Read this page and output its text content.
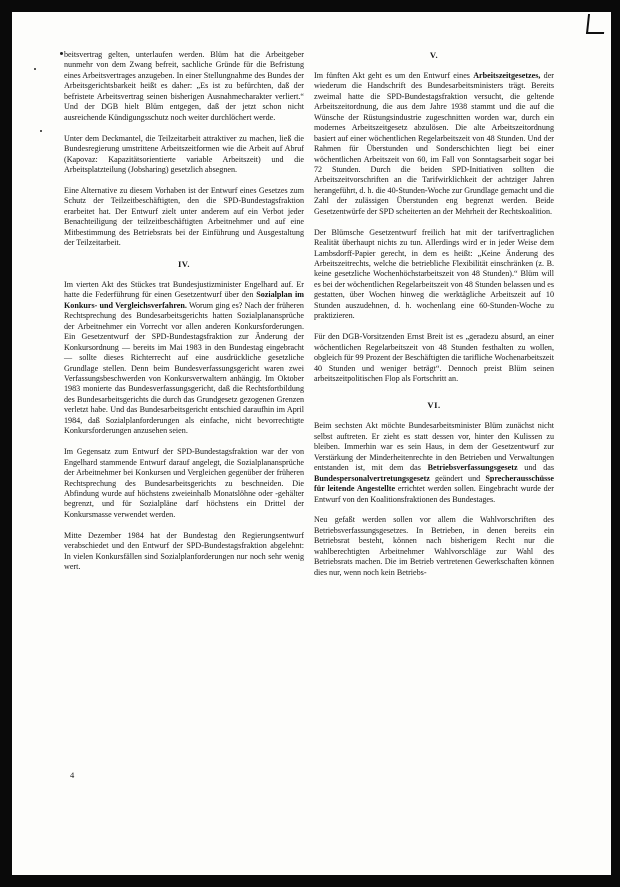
beitsvertrag gelten, unterlaufen werden. Blüm hat die Arbeitgeber nunmehr von dem Zwang befreit, sachliche Gründe für die Befristung eines Arbeitsvertrages anzugeben. In einer Stellungnahme des Bundes der Arbeitsgerichtsbarkeit heißt es daher: „Es ist zu befürchten, daß der befristete Arbeitsvertrag seinen bisherigen Ausnahmecharakter verliert.“ Und der DGB hielt Blüm entgegen, daß der jetzt schon nicht ausreichende Kündigungsschutz noch weiter durchlöchert werde.

Unter dem Deckmantel, die Teilzeitarbeit attraktiver zu machen, ließ die Bundesregierung umstrittene Arbeitszeitformen wie die Arbeit auf Abruf (Kapovaz: Kapazitätsorientierte variable Arbeitszeit) und die Arbeitsplatzteilung (Jobsharing) gesetzlich absegnen.

Eine Alternative zu diesem Vorhaben ist der Entwurf eines Gesetzes zum Schutz der Teilzeitbeschäftigten, den die SPD-Bundestagsfraktion erarbeitet hat. Der Entwurf zielt unter anderem auf ein Verbot jeder Benachteiligung der teilzeitbeschäftigten Arbeitnehmer und auf eine Mitbestimmung des Betriebsrats bei der Einführung und Ausgestaltung der Teilzeitarbeit.

IV.

Im vierten Akt des Stückes trat Bundesjustizminister Engelhard auf. Er hatte die Federführung für einen Gesetzentwurf über den Sozialplan im Konkurs- und Vergleichsverfahren. Worum ging es? Nach der früheren Rechtsprechung des Bundesarbeitsgerichts hatten Sozialplanansprüche der Arbeitnehmer ein Vorrecht vor allen anderen Konkursforderungen. Ein Gesetzentwurf der SPD-Bundestagsfraktion zur Änderung der Konkursordnung — bereits im Mai 1983 in den Bundestag eingebracht — sollte dieses Richterrecht auf eine ausdrückliche gesetzliche Grundlage stellen. Denn beim Bundesverfassungsgericht waren zwei Verfassungsbeschwerden von Konkursverwaltern anhängig. Im Oktober 1983 monierte das Bundesverfassungsgericht, daß die Rechtsfortbildung des Bundesarbeitsgerichts die durch das Grundgesetz gezogenen Grenzen verletzt habe. Und das Bundesarbeitsgericht entschied daraufhin im April 1984, daß Sozialplanforderungen als einfache, nicht bevorrechtigte Konkursforderungen anzusehen seien.

Im Gegensatz zum Entwurf der SPD-Bundestagsfraktion war der von Engelhard stammende Entwurf darauf angelegt, die Sozialplanansprüche der Arbeitnehmer bei Konkursen und Vergleichen gegenüber der früheren Rechtsprechung des Bundesarbeitsgerichts zu beschneiden. Die Abfindung wurde auf höchstens zweieinhalb Monatslöhne oder -gehälter begrenzt, und für Sozialpläne darf höchstens ein Drittel der Konkursmasse verwendet werden.

Mitte Dezember 1984 hat der Bundestag den Regierungsentwurf verabschiedet und den Entwurf der SPD-Bundestagsfraktion abgelehnt: In vielen Konkursfällen sind Sozialplanforderungen nur noch sehr wenig wert.

V.

Im fünften Akt geht es um den Entwurf eines Arbeitszeitgesetzes, der wiederum die Handschrift des Bundesarbeitsministers trägt. Bereits zweimal hatte die SPD-Bundestagsfraktion versucht, die geltende Arbeitszeitordnung, die aus dem Jahre 1938 stammt und die auf die Wünsche der Rüstungsindustrie zugeschnitten worden war, durch ein modernes Arbeitszeitgesetz abzulösen. Die alte Arbeitszeitordnung basiert auf einer wöchentlichen Regelarbeitszeit von 48 Stunden. Und der Rahmen für Überstunden und Sonderschichten liegt bei einer wöchentlichen Arbeitszeit von 60, im Fall von Sonntagsarbeit sogar bei 72 Stunden. Durch die beiden SPD-Initiativen sollten die Arbeitszeitvorschriften an die Tarifwirklichkeit der achtziger Jahren herangeführt, d. h. die 40-Stunden-Woche zur Grundlage gemacht und die Zahl der zulässigen Überstunden eng begrenzt werden. Beide Gesetzentwürfe der SPD scheiterten an der Mehrheit der Rechtskoalition.

Der Blümsche Gesetzentwurf freilich hat mit der tarifvertraglichen Realität überhaupt nichts zu tun. Allerdings wird er in jeder Weise dem Lambsdorff-Papier gerecht, in dem es heißt: „Keine Änderung des Arbeitszeitrechts, welche die betriebliche Flexibilität einschränken (z. B. keine gesetzliche Wochenhöchstarbeitszeit von 48 Stunden).“ Blüm will es bei der wöchentlichen Regelarbeitszeit von 48 Stunden belassen und es gestatten, über Wochen hinweg die werktägliche Arbeitszeit auf 10 Stunden auszudehnen, d. h. wochenlang eine 60-Stunden-Woche zu praktizieren.

Für den DGB-Vorsitzenden Ernst Breit ist es „geradezu absurd, an einer wöchentlichen Regelarbeitszeit von 48 Stunden festhalten zu wollen, obgleich für 99 Prozent der Beschäftigten die tarifliche Wochenarbeitszeit 40 Stunden und weniger beträgt“. Dennoch preist Blüm seinen arbeitszeitpolitischen Flop als Fortschritt an.

VI.

Beim sechsten Akt möchte Bundesarbeitsminister Blüm zunächst nicht selbst auftreten. Er zieht es statt dessen vor, hinter den Kulissen zu bleiben. Immerhin war es sein Haus, in dem der Gesetzentwurf zur Verstärkung der Minderheitenrechte in den Betrieben und Verwaltungen entstanden ist, mit dem das Betriebsverfassungsgesetz und das Bundespersonalvertretungsgesetz geändert und Sprecherausschüsse für leitende Angestellte errichtet werden sollen. Eingebracht wurde der Entwurf von den Koalitionsfraktionen des Bundestages.

Neu gefaßt werden sollen vor allem die Wahlvorschriften des Betriebsverfassungsgesetzes. In Betrieben, in denen bereits ein Betriebsrat besteht, können nach bisherigem Recht nur die wahlberechtigten Arbeitnehmer Wahlvorschläge zur Wahl des Betriebsrats machen. Die im Betrieb vertretenen Gewerkschaften können dies nur, wenn noch kein Betriebs-

4
